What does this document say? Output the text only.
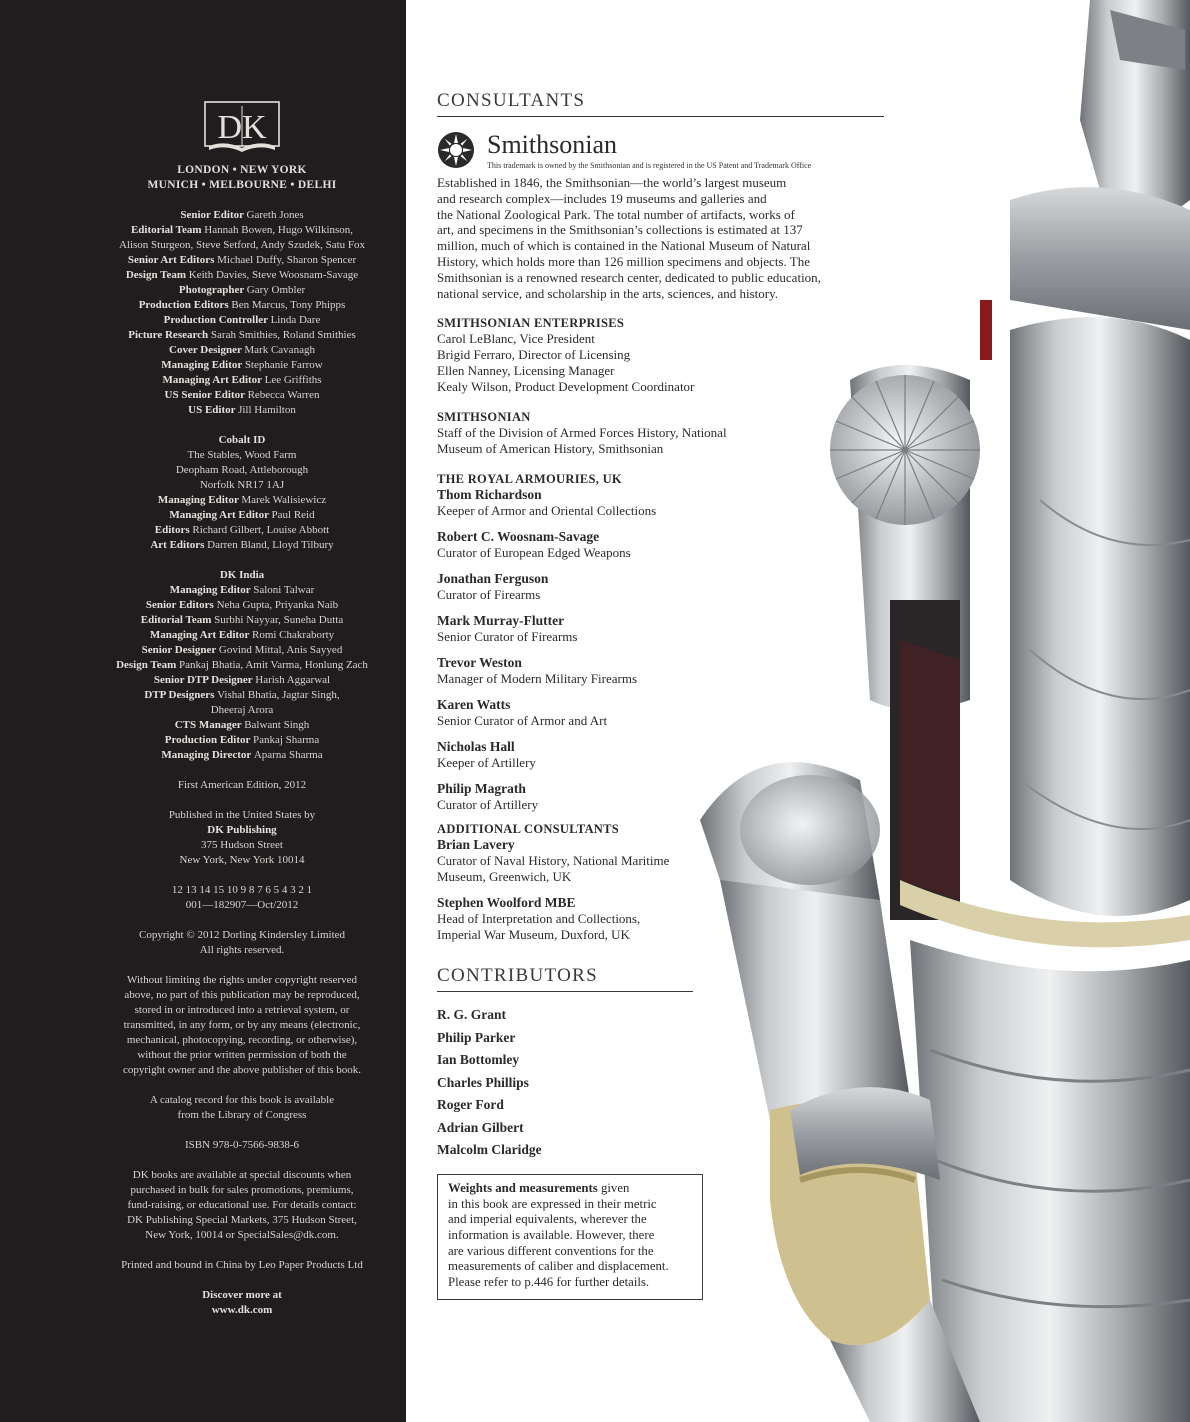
DK
LONDON • NEW YORK
MUNICH • MELBOURNE • DELHI
Senior Editor Gareth Jones
Editorial Team Hannah Bowen, Hugo Wilkinson,
Alison Sturgeon, Steve Setford, Andy Szudek, Satu Fox
Senior Art Editors Michael Duffy, Sharon Spencer
Design Team Keith Davies, Steve Woosnam-Savage
Photographer Gary Ombler
Production Editors Ben Marcus, Tony Phipps
Production Controller Linda Dare
Picture Research Sarah Smithies, Roland Smithies
Cover Designer Mark Cavanagh
Managing Editor Stephanie Farrow
Managing Art Editor Lee Griffiths
US Senior Editor Rebecca Warren
US Editor Jill Hamilton
Cobalt ID
The Stables, Wood Farm
Deopham Road, Attleborough
Norfolk NR17 1AJ
Managing Editor Marek Walisiewicz
Managing Art Editor Paul Reid
Editors Richard Gilbert, Louise Abbott
Art Editors Darren Bland, Lloyd Tilbury
DK India
Managing Editor Saloni Talwar
Senior Editors Neha Gupta, Priyanka Naib
Editorial Team Surbhi Nayyar, Suneha Dutta
Managing Art Editor Romi Chakraborty
Senior Designer Govind Mittal, Anis Sayyed
Design Team Pankaj Bhatia, Amit Varma, Honlung Zach
Senior DTP Designer Harish Aggarwal
DTP Designers Vishal Bhatia, Jagtar Singh,
Dheeraj Arora
CTS Manager Balwant Singh
Production Editor Pankaj Sharma
Managing Director Aparna Sharma
First American Edition, 2012
Published in the United States by
DK Publishing
375 Hudson Street
New York, New York 10014
12 13 14 15 10 9 8 7 6 5 4 3 2 1
001—182907—Oct/2012
Copyright © 2012 Dorling Kindersley Limited
All rights reserved.
Without limiting the rights under copyright reserved
above, no part of this publication may be reproduced,
stored in or introduced into a retrieval system, or
transmitted, in any form, or by any means (electronic,
mechanical, photocopying, recording, or otherwise),
without the prior written permission of both the
copyright owner and the above publisher of this book.
A catalog record for this book is available
from the Library of Congress
ISBN 978-0-7566-9838-6
DK books are available at special discounts when
purchased in bulk for sales promotions, premiums,
fund-raising, or educational use. For details contact:
DK Publishing Special Markets, 375 Hudson Street,
New York, 10014 or SpecialSales@dk.com.
Printed and bound in China by Leo Paper Products Ltd
Discover more at
www.dk.com
CONSULTANTS
Smithsonian
This trademark is owned by the Smithsonian and is registered in the US Patent and Trademark Office
Established in 1846, the Smithsonian—the world’s largest museum
and research complex—includes 19 museums and galleries and
the National Zoological Park. The total number of artifacts, works of
art, and specimens in the Smithsonian’s collections is estimated at 137
million, much of which is contained in the National Museum of Natural
History, which holds more than 126 million specimens and objects. The
Smithsonian is a renowned research center, dedicated to public education,
national service, and scholarship in the arts, sciences, and history.
SMITHSONIAN ENTERPRISES
Carol LeBlanc, Vice President
Brigid Ferraro, Director of Licensing
Ellen Nanney, Licensing Manager
Kealy Wilson, Product Development Coordinator
SMITHSONIAN
Staff of the Division of Armed Forces History, National
Museum of American History, Smithsonian
THE ROYAL ARMOURIES, UK
Thom Richardson
Keeper of Armor and Oriental Collections
Robert C. Woosnam-Savage
Curator of European Edged Weapons
Jonathan Ferguson
Curator of Firearms
Mark Murray-Flutter
Senior Curator of Firearms
Trevor Weston
Manager of Modern Military Firearms
Karen Watts
Senior Curator of Armor and Art
Nicholas Hall
Keeper of Artillery
Philip Magrath
Curator of Artillery
ADDITIONAL CONSULTANTS
Brian Lavery
Curator of Naval History, National Maritime
Museum, Greenwich, UK
Stephen Woolford MBE
Head of Interpretation and Collections,
Imperial War Museum, Duxford, UK
CONTRIBUTORS
R. G. Grant
Philip Parker
Ian Bottomley
Charles Phillips
Roger Ford
Adrian Gilbert
Malcolm Claridge
Weights and measurements given
in this book are expressed in their metric
and imperial equivalents, wherever the
information is available. However, there
are various different conventions for the
measurements of caliber and displacement.
Please refer to p.446 for further details.
